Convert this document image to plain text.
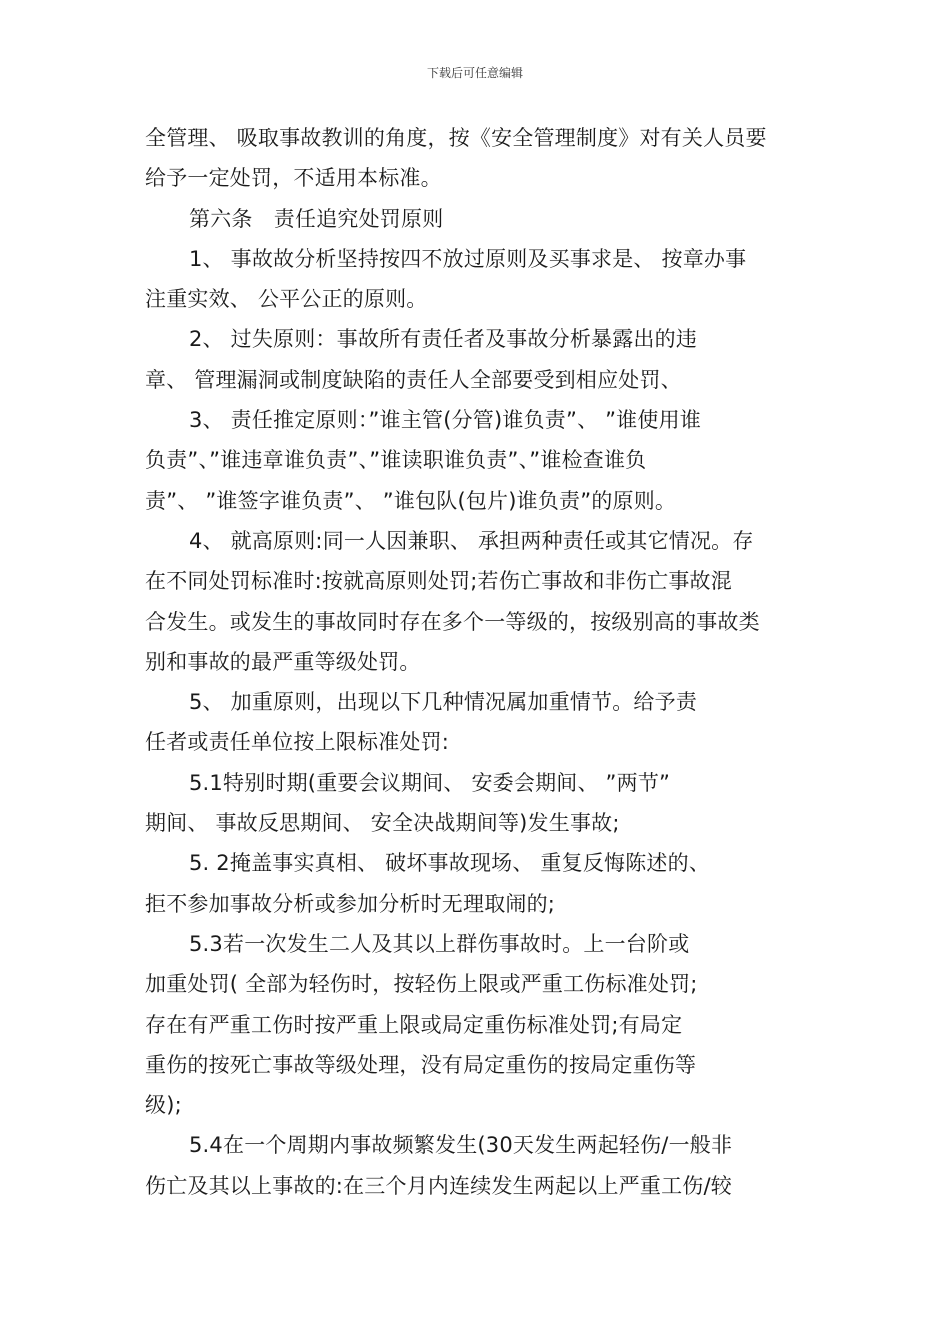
下载后可任意编辑
全管理、 吸取事故教训的角度，按《安全管理制度》对有关人员要
给予一定处罚，不适用本标准。
第六条　责任追究处罚原则
1、 事故故分析坚持按四不放过原则及买事求是、 按章办事
注重实效、 公平公正的原则。
2、 过失原则：事故所有责任者及事故分析暴露出的违
章、 管理漏洞或制度缺陷的责任人全部要受到相应处罚、
3、 责任推定原则：”谁主管(分管)谁负责”、 ”谁使用谁
负责”、”谁违章谁负责”、”谁读职谁负责”、”谁检查谁负
责”、 ”谁签字谁负责”、 ”谁包队(包片)谁负责”的原则。
4、 就高原则:同一人因兼职、 承担两种责任或其它情况。存
在不同处罚标准时:按就高原则处罚;若伤亡事故和非伤亡事故混
合发生。或发生的事故同时存在多个一等级的，按级别高的事故类
别和事故的最严重等级处罚。
5、 加重原则，出现以下几种情况属加重情节。给予责
任者或责任单位按上限标准处罚:
5.1特别时期(重要会议期间、 安委会期间、 ”两节”
期间、 事故反思期间、 安全决战期间等)发生事故;
5. 2掩盖事实真相、 破坏事故现场、 重复反悔陈述的、
拒不参加事故分析或参加分析时无理取闹的;
5.3若一次发生二人及其以上群伤事故时。上一台阶或
加重处罚( 全部为轻伤时，按轻伤上限或严重工伤标准处罚;
存在有严重工伤时按严重上限或局定重伤标准处罚;有局定
重伤的按死亡事故等级处理，没有局定重伤的按局定重伤等
级);
5.4在一个周期内事故频繁发生(30天发生两起轻伤/一般非
伤亡及其以上事故的:在三个月内连续发生两起以上严重工伤/较
